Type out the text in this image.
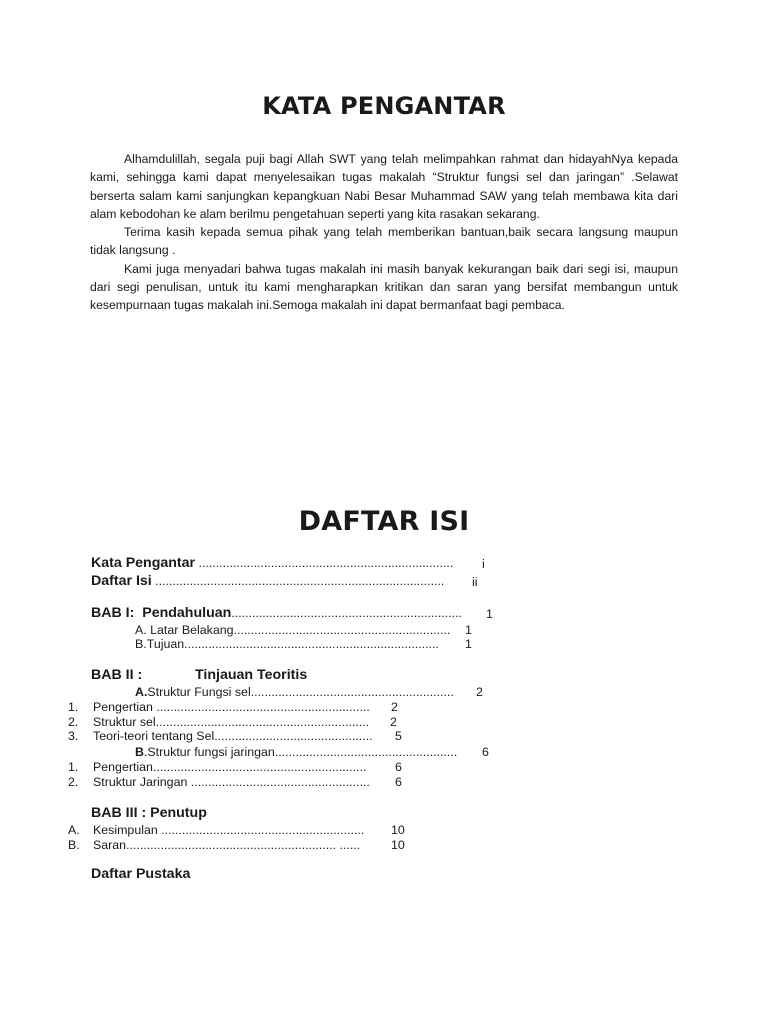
KATA PENGANTAR

Alhamdulillah, segala puji bagi Allah SWT yang telah melimpahkan rahmat dan hidayahNya kepada kami, sehingga kami dapat menyelesaikan tugas makalah “Struktur fungsi sel dan jaringan” .Selawat berserta salam kami sanjungkan kepangkuan Nabi Besar Muhammad SAW yang telah membawa kita dari alam kebodohan ke alam berilmu pengetahuan seperti yang kita rasakan sekarang.

Terima kasih kepada semua pihak yang telah memberikan bantuan,baik secara langsung maupun tidak langsung .

Kami juga menyadari bahwa tugas makalah ini masih banyak kekurangan baik dari segi isi, maupun dari segi penulisan, untuk itu kami mengharapkan kritikan dan saran yang bersifat membangun untuk kesempurnaan tugas makalah ini.Semoga makalah ini dapat bermanfaat bagi pembaca.

DAFTAR ISI
Kata Pengantar .......................................................................... i
Daftar Isi .................................................................................... ii
BAB I:  Pendahuluan................................................................... 1
A. Latar Belakang............................................................... 1
B.Tujuan.......................................................................... 1
BAB II :	Tinjauan Teoritis
A.Struktur Fungsi sel........................................................... 2
1. Pengertian .............................................................. 2
2. Struktur sel.............................................................. 2
3. Teori-teori tentang Sel.............................................. 5
B.Struktur fungsi jaringan..................................................... 6
1. Pengertian.............................................................. 6
2. Struktur Jaringan .................................................... 6
BAB III : Penutup
A. Kesimpulan ........................................................... 10
B. Saran............................................................. ...... 10
Daftar Pustaka
